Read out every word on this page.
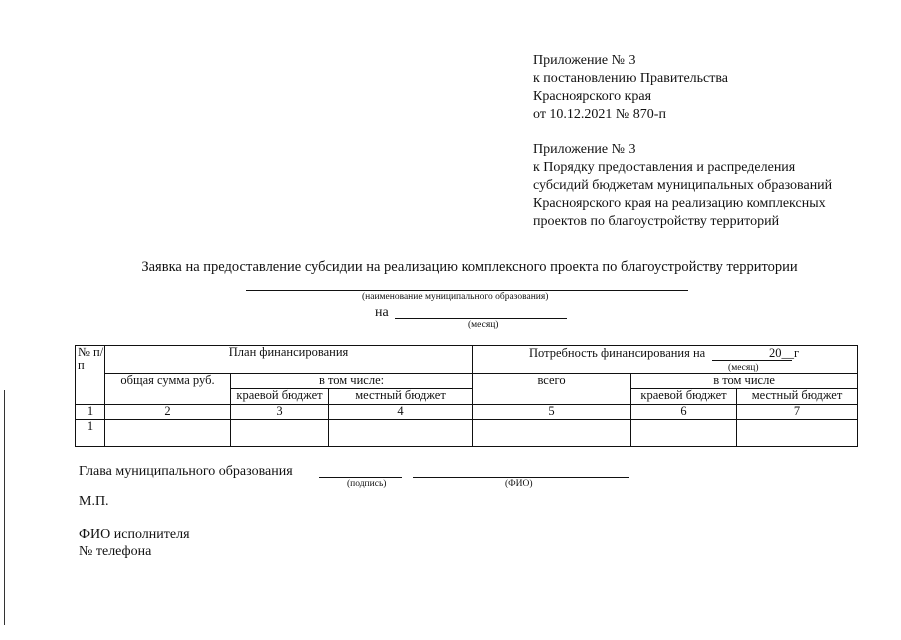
Приложение № 3
к постановлению Правительства
Красноярского края
от 10.12.2021 № 870-п
Приложение № 3
к Порядку предоставления и распределения
субсидий бюджетам муниципальных образований
Красноярского края на реализацию комплексных
проектов по благоустройству территорий
Заявка на предоставление субсидии на реализацию комплексного проекта по благоустройству территории
(наименование муниципального образования)
на
(месяц)
№ п/п	План финансирования			Потребность финансирования на 20__г
(месяц)		

	общая сумма руб.	в том числе:		всего	в том числе	
		краевой бюджет	местный бюджет		краевой бюджет	местный бюджет
1	2	3	4	5	6	7
1						
Глава муниципального образования
(подпись)	(ФИО)
М.П.
ФИО исполнителя
№ телефона
